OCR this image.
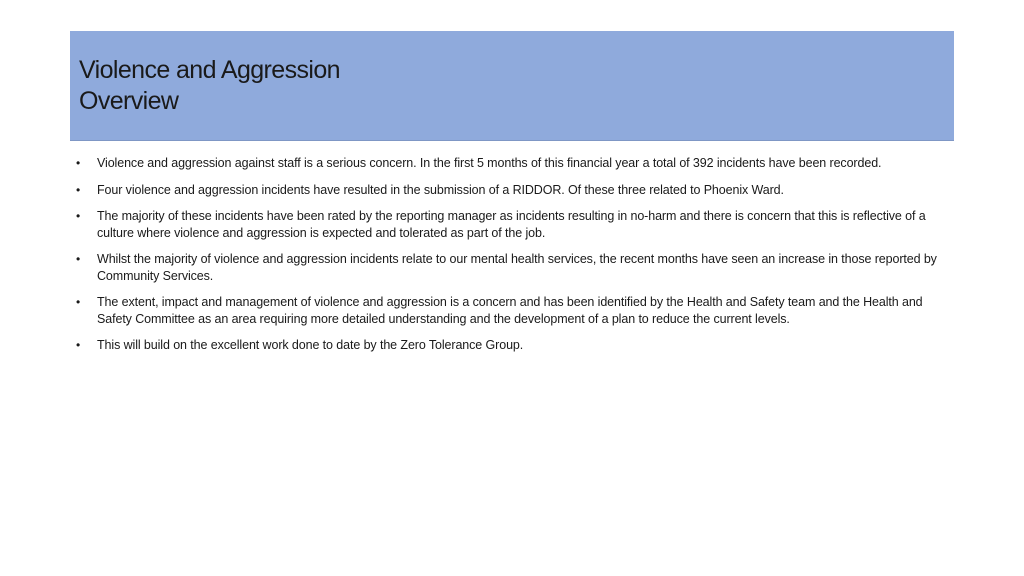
Violence and Aggression
Overview
•	Violence and aggression against staff is a serious concern. In the first 5 months of this financial year a total of 392 incidents have been recorded.
•	Four violence and aggression incidents have resulted in the submission of a RIDDOR. Of these three related to Phoenix Ward.
•	The majority of these incidents have been rated by the reporting manager as incidents resulting in no-harm and there is concern that this is reflective of a culture where violence and aggression is expected and tolerated as part of the job.
•	Whilst the majority of violence and aggression incidents relate to our mental health services, the recent months have seen an increase in those reported by Community Services.
•	The extent, impact and management of violence and aggression is a concern and has been identified by the Health and Safety team and the Health and Safety Committee as an area requiring more detailed understanding and the development of a plan to reduce the current levels.
•	This will build on the excellent work done to date by the Zero Tolerance Group.
